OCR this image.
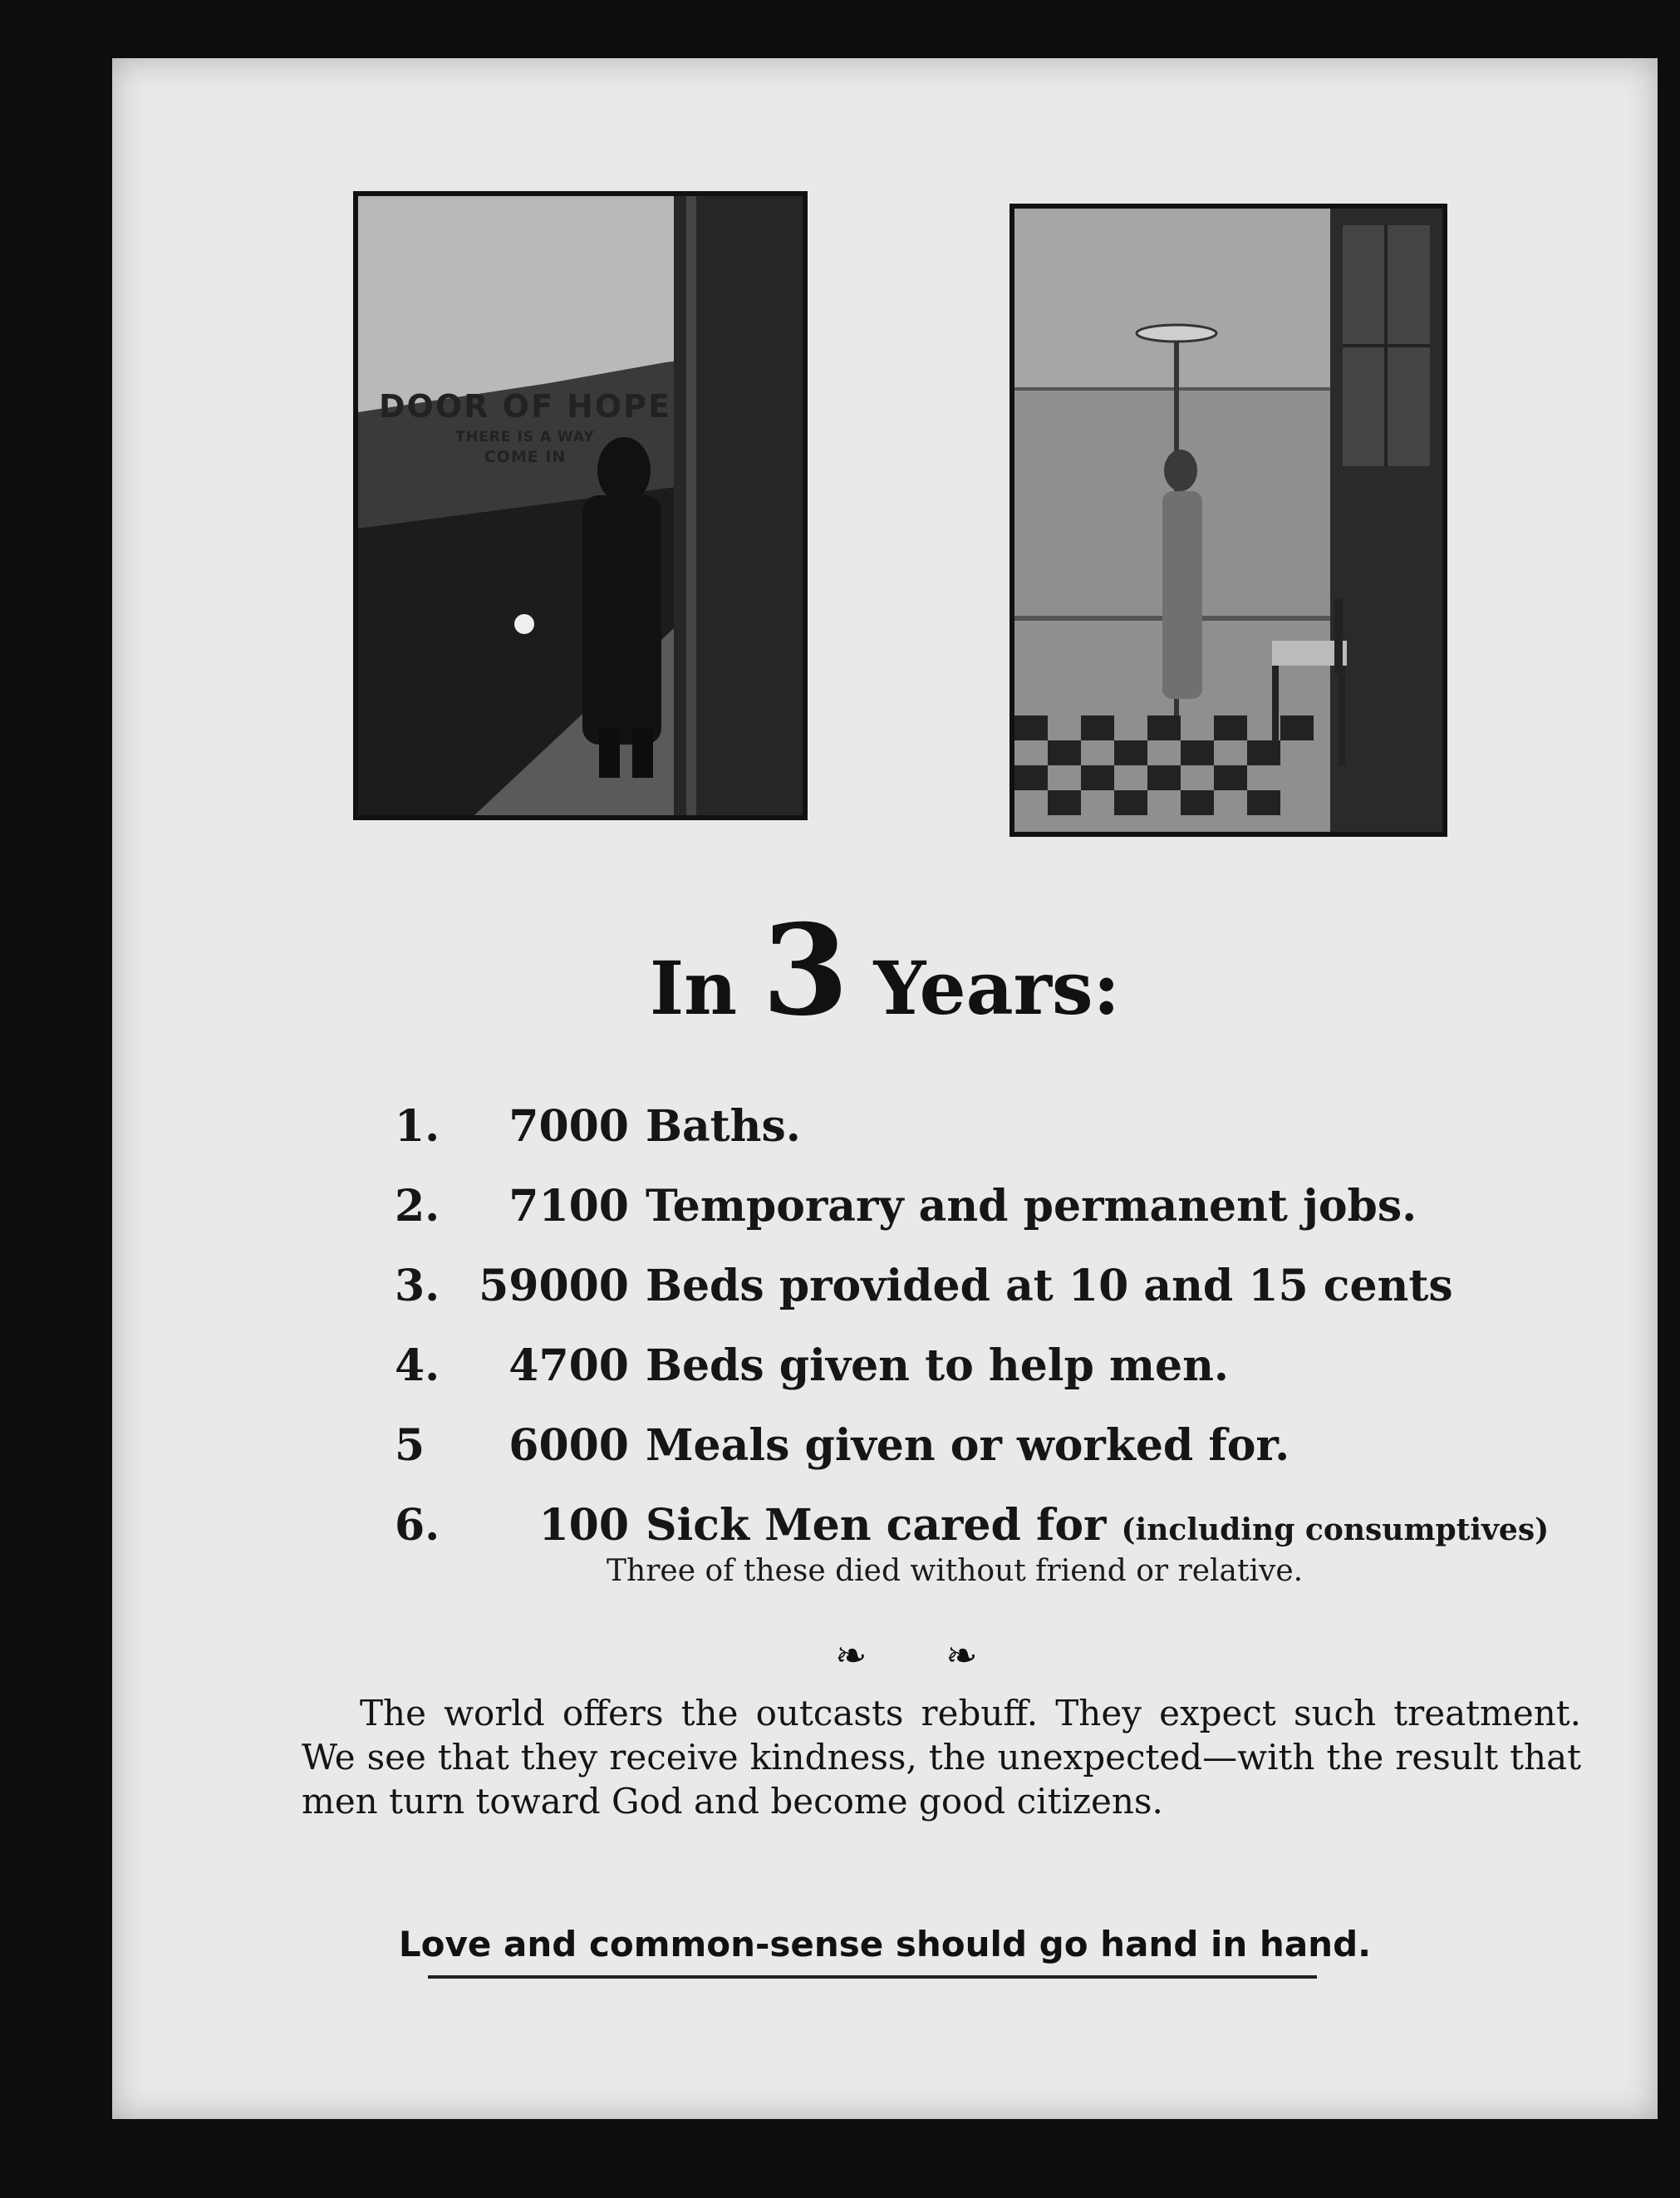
DOOR OF HOPE
THERE IS A WAY
COME IN
In 3 Years:
1.	7000 Baths.
2.	7100 Temporary and permanent jobs.
3. 59000 Beds provided at 10 and 15 cents
4.	4700 Beds given to help men.
5	6000 Meals given or worked for.
6.	100 Sick Men cared for (including consumptives)
Three of these died without friend or relative.
❧ ❧
The world offers the outcasts rebuff. They expect such treatment. We see that they receive kindness, the unexpected—with the result that men turn toward God and become good citizens.
Love and common-sense should go hand in hand.
